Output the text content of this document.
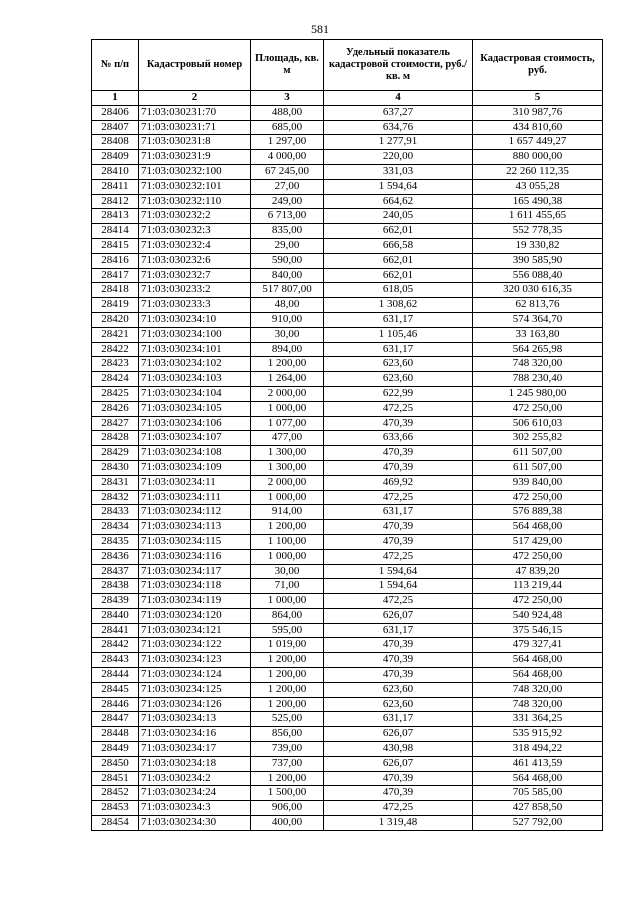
581
№ п/п	Кадастровый номер	Площадь, кв. м	Удельный показатель кадастровой стоимости, руб./кв. м	Кадастровая стоимость, руб.
1	2	3	4	5
28406	71:03:030231:70	488,00	637,27	310 987,76
28407	71:03:030231:71	685,00	634,76	434 810,60
28408	71:03:030231:8	1 297,00	1 277,91	1 657 449,27
28409	71:03:030231:9	4 000,00	220,00	880 000,00
28410	71:03:030232:100	67 245,00	331,03	22 260 112,35
28411	71:03:030232:101	27,00	1 594,64	43 055,28
28412	71:03:030232:110	249,00	664,62	165 490,38
28413	71:03:030232:2	6 713,00	240,05	1 611 455,65
28414	71:03:030232:3	835,00	662,01	552 778,35
28415	71:03:030232:4	29,00	666,58	19 330,82
28416	71:03:030232:6	590,00	662,01	390 585,90
28417	71:03:030232:7	840,00	662,01	556 088,40
28418	71:03:030233:2	517 807,00	618,05	320 030 616,35
28419	71:03:030233:3	48,00	1 308,62	62 813,76
28420	71:03:030234:10	910,00	631,17	574 364,70
28421	71:03:030234:100	30,00	1 105,46	33 163,80
28422	71:03:030234:101	894,00	631,17	564 265,98
28423	71:03:030234:102	1 200,00	623,60	748 320,00
28424	71:03:030234:103	1 264,00	623,60	788 230,40
28425	71:03:030234:104	2 000,00	622,99	1 245 980,00
28426	71:03:030234:105	1 000,00	472,25	472 250,00
28427	71:03:030234:106	1 077,00	470,39	506 610,03
28428	71:03:030234:107	477,00	633,66	302 255,82
28429	71:03:030234:108	1 300,00	470,39	611 507,00
28430	71:03:030234:109	1 300,00	470,39	611 507,00
28431	71:03:030234:11	2 000,00	469,92	939 840,00
28432	71:03:030234:111	1 000,00	472,25	472 250,00
28433	71:03:030234:112	914,00	631,17	576 889,38
28434	71:03:030234:113	1 200,00	470,39	564 468,00
28435	71:03:030234:115	1 100,00	470,39	517 429,00
28436	71:03:030234:116	1 000,00	472,25	472 250,00
28437	71:03:030234:117	30,00	1 594,64	47 839,20
28438	71:03:030234:118	71,00	1 594,64	113 219,44
28439	71:03:030234:119	1 000,00	472,25	472 250,00
28440	71:03:030234:120	864,00	626,07	540 924,48
28441	71:03:030234:121	595,00	631,17	375 546,15
28442	71:03:030234:122	1 019,00	470,39	479 327,41
28443	71:03:030234:123	1 200,00	470,39	564 468,00
28444	71:03:030234:124	1 200,00	470,39	564 468,00
28445	71:03:030234:125	1 200,00	623,60	748 320,00
28446	71:03:030234:126	1 200,00	623,60	748 320,00
28447	71:03:030234:13	525,00	631,17	331 364,25
28448	71:03:030234:16	856,00	626,07	535 915,92
28449	71:03:030234:17	739,00	430,98	318 494,22
28450	71:03:030234:18	737,00	626,07	461 413,59
28451	71:03:030234:2	1 200,00	470,39	564 468,00
28452	71:03:030234:24	1 500,00	470,39	705 585,00
28453	71:03:030234:3	906,00	472,25	427 858,50
28454	71:03:030234:30	400,00	1 319,48	527 792,00
